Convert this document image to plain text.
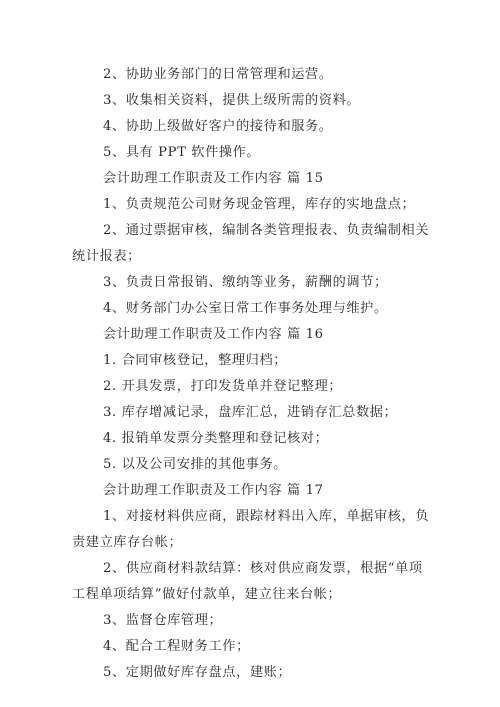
2、协助业务部门的日常管理和运营。
3、收集相关资料，提供上级所需的资料。
4、协助上级做好客户的接待和服务。
5、具有 PPT 软件操作。
会计助理工作职责及工作内容 篇 15
1、负责规范公司财务现金管理，库存的实地盘点；
2、通过票据审核，编制各类管理报表、负责编制相关
统计报表；
3、负责日常报销、缴纳等业务，薪酬的调节；
4、财务部门办公室日常工作事务处理与维护。
会计助理工作职责及工作内容 篇 16
1. 合同审核登记，整理归档；
2. 开具发票，打印发货单并登记整理；
3. 库存增减记录，盘库汇总，进销存汇总数据；
4. 报销单发票分类整理和登记核对；
5. 以及公司安排的其他事务。
会计助理工作职责及工作内容 篇 17
1、对接材料供应商，跟踪材料出入库，单据审核，负
责建立库存台帐；
2、供应商材料款结算：核对供应商发票，根据“单项
工程单项结算”做好付款单，建立往来台帐；
3、监督仓库管理；
4、配合工程财务工作；
5、定期做好库存盘点，建账；
